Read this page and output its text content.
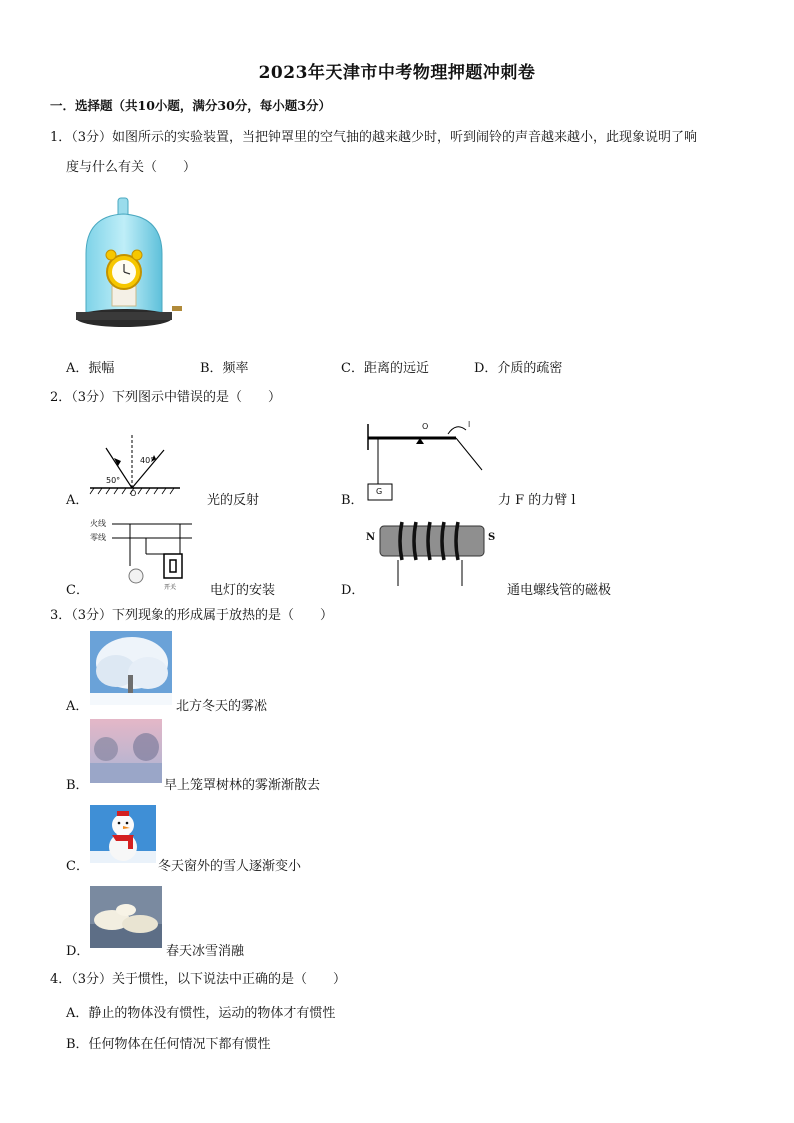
2023年天津市中考物理押题冲刺卷
一．选择题（共10小题，满分30分，每小题3分）
1．（3分）如图所示的实验装置，当把钟罩里的空气抽的越来越少时，听到闹铃的声音越来越小，此现象说明了响
度与什么有关（　　）
A．振幅	B．频率	C．距离的远近	D．介质的疏密
2．（3分）下列图示中错误的是（　　）
A．
40°
50°
O	光的反射	B．
O	l
G
力 F 的力臂 l
C．
火线
零线
开关	电灯的安装	D．
N	S
通电螺线管的磁极
3．（3分）下列现象的形成属于放热的是（　　）
A．	北方冬天的雾凇
B．	早上笼罩树林的雾渐渐散去
C．	冬天窗外的雪人逐渐变小
D．	春天冰雪消融
4．（3分）关于惯性，以下说法中正确的是（　　）
A．静止的物体没有惯性，运动的物体才有惯性
B．任何物体在任何情况下都有惯性
